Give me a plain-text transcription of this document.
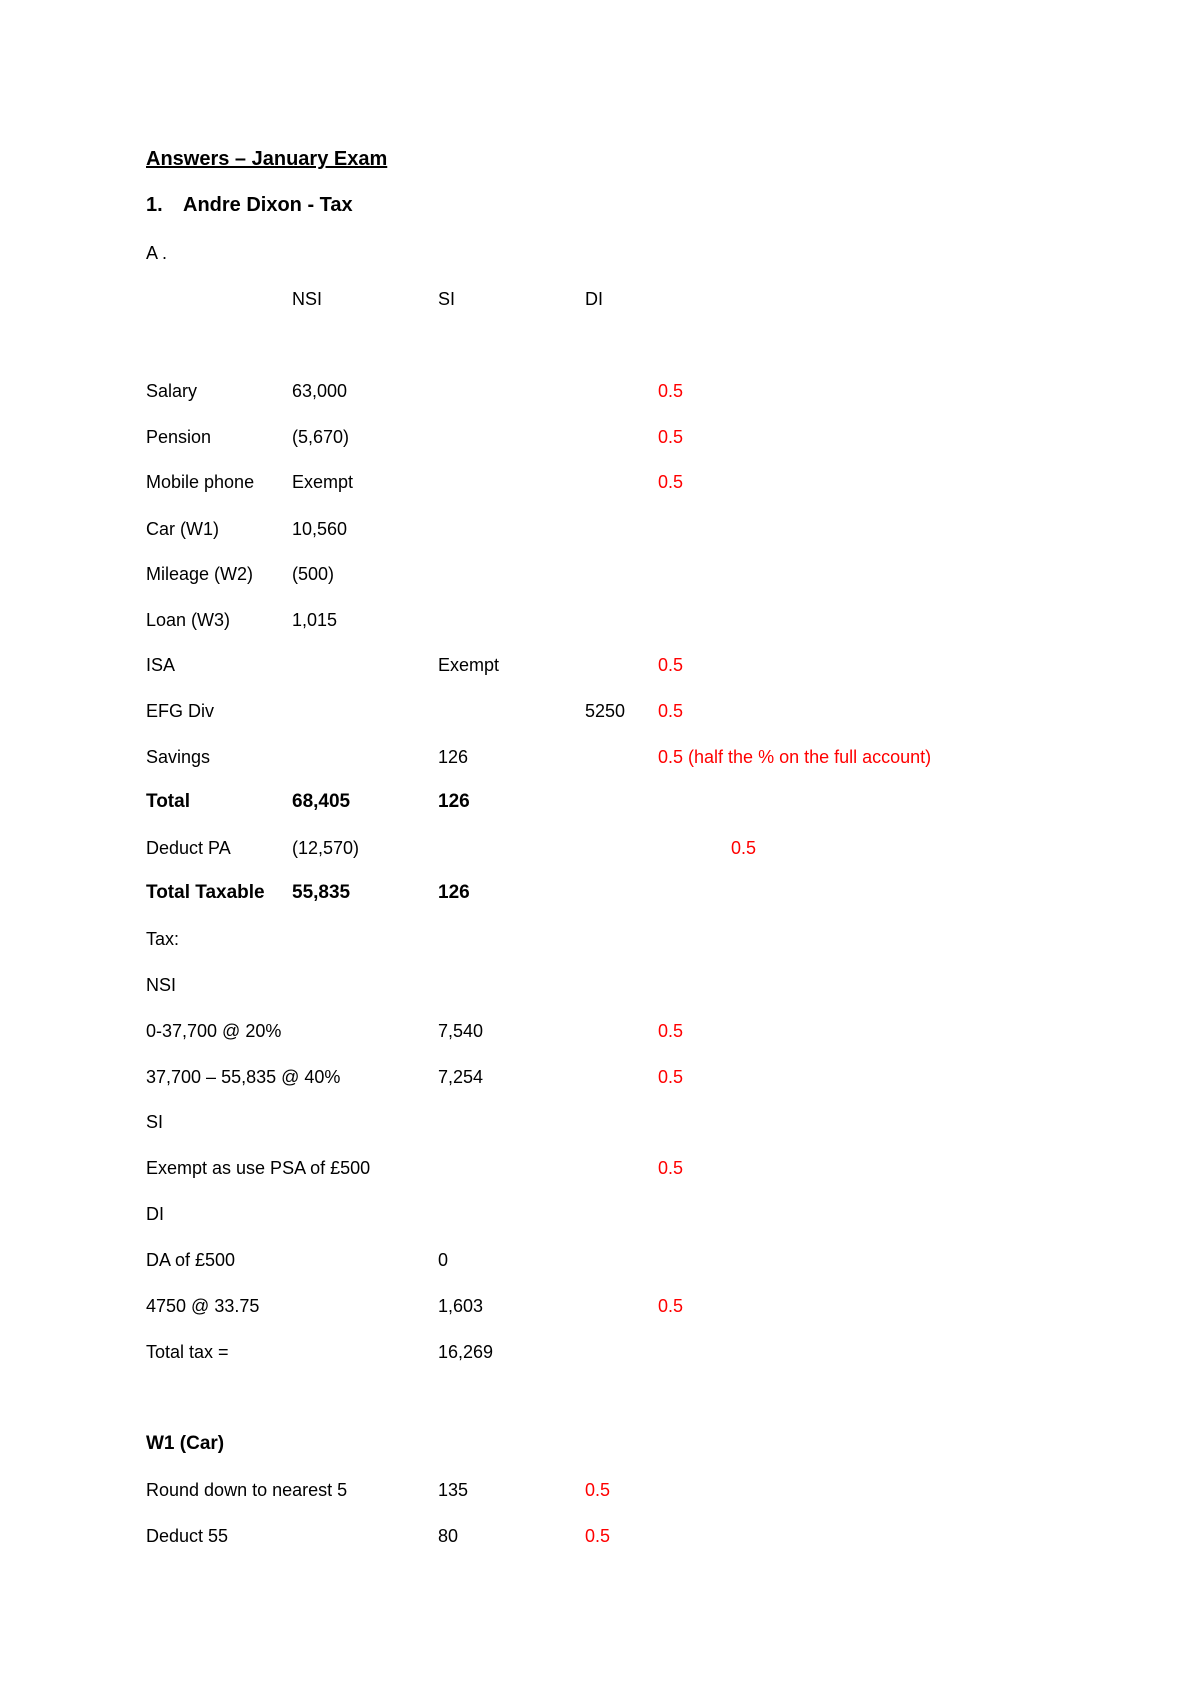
Answers – January Exam
1. Andre Dixon - Tax
A .
NSI	SI	DI
Salary	63,000	0.5
Pension	(5,670)	0.5
Mobile phone Exempt	0.5
Car (W1)	10,560
Mileage (W2) (500)
Loan (W3)	1,015
ISA	Exempt	0.5
EFG Div	5250 0.5
Savings	126	0.5 (half the % on the full account)
Total	68,405	126
Deduct PA	(12,570)	0.5
Total Taxable 55,835	126
Tax:
NSI
0-37,700 @ 20%	7,540	0.5
37,700 – 55,835 @ 40%	7,254	0.5
SI
Exempt as use PSA of £500	0.5
DI
DA of £500	0
4750 @ 33.75	1,603	0.5
Total tax =	16,269
W1 (Car)
Round down to nearest 5	135	0.5
Deduct 55	80	0.5
